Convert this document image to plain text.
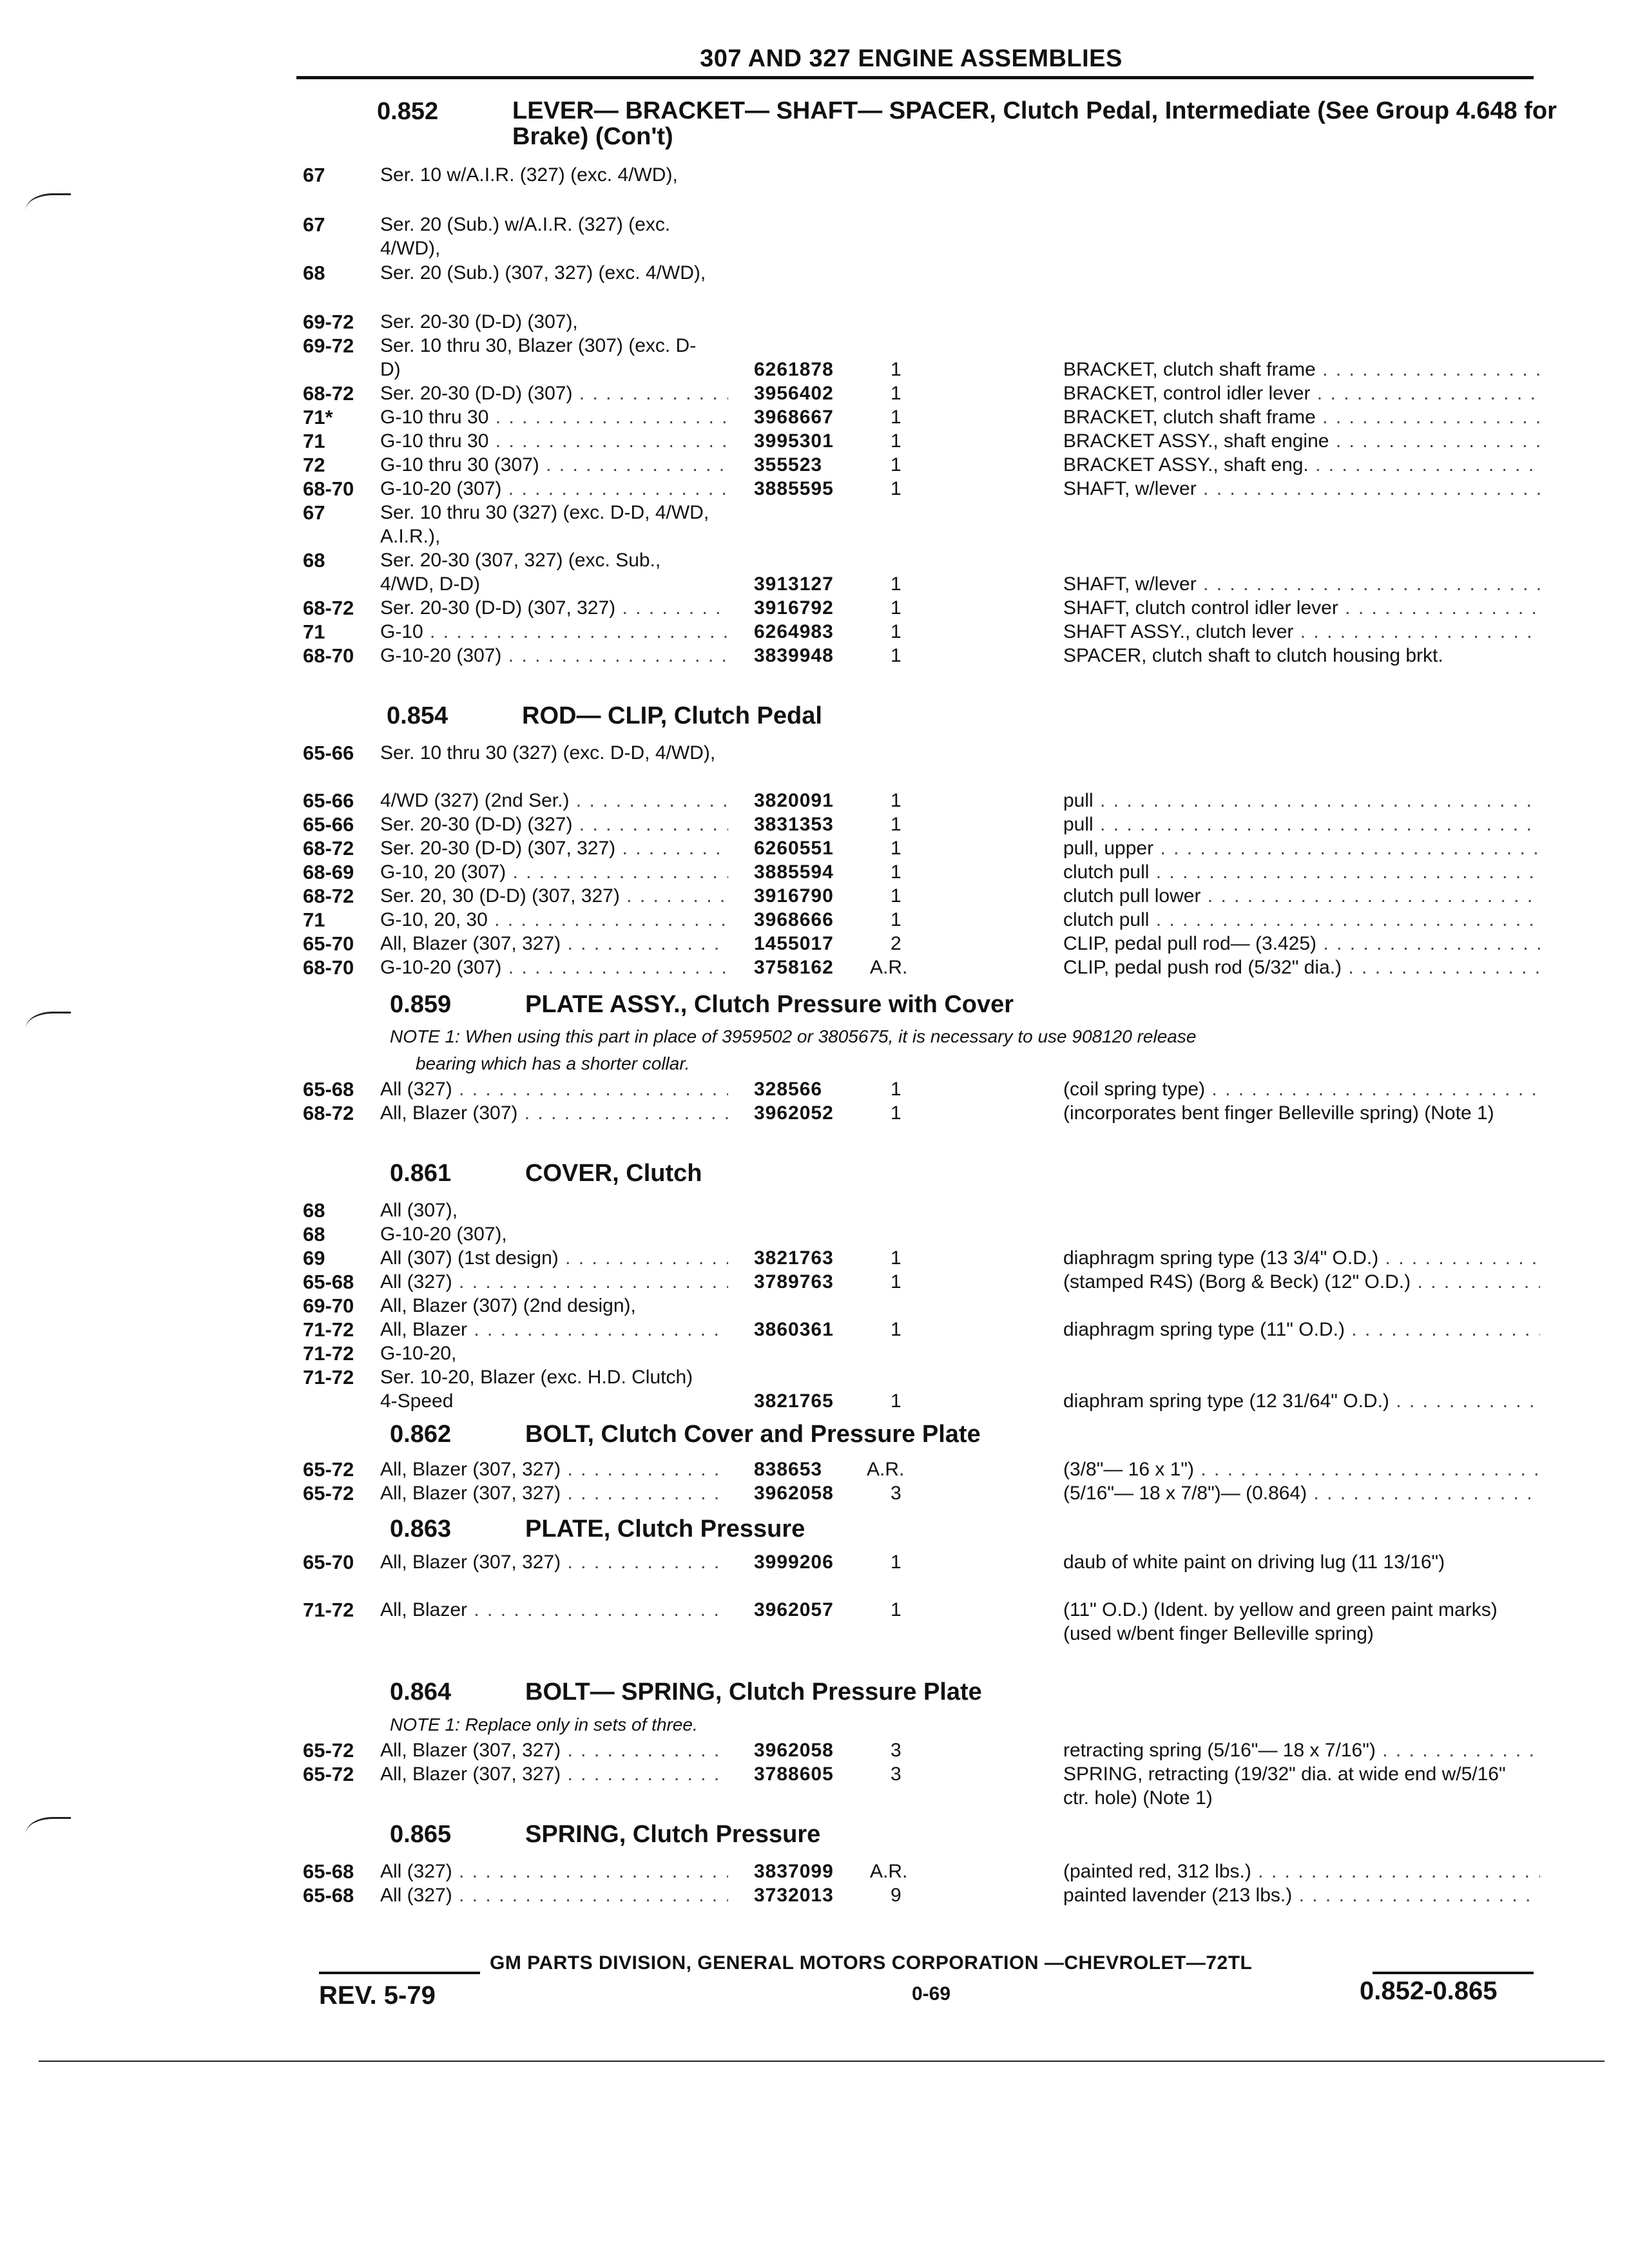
307 AND 327 ENGINE ASSEMBLIES
0.852	LEVER— BRACKET— SHAFT— SPACER, Clutch Pedal, Intermediate (See Group 4.648 for Brake) (Con't)
67	Ser. 10 w/A.I.R. (327) (exc. 4/WD),
67	Ser. 20 (Sub.) w/A.I.R. (327) (exc. 4/WD),
68	Ser. 20 (Sub.) (307, 327) (exc. 4/WD),
69-72	Ser. 20-30 (D-D) (307),
69-72	Ser. 10 thru 30, Blazer (307) (exc. D-D)	6261878	1	BRACKET, clutch shaft frame . . .
68-72	Ser. 20-30 (D-D) (307) . . .	3956402	1	BRACKET, control idler lever . . .
71*	G-10 thru 30 . . .	3968667	1	BRACKET, clutch shaft frame . . .
71	G-10 thru 30 . . .	3995301	1	BRACKET ASSY., shaft engine . . .
72	G-10 thru 30 (307) . . .	355523	1	BRACKET ASSY., shaft eng. . . .
68-70	G-10-20 (307) . . .	3885595	1	SHAFT, w/lever . . .
67	Ser. 10 thru 30 (327) (exc. D-D, 4/WD, A.I.R.),
68	Ser. 20-30 (307, 327) (exc. Sub., 4/WD, D-D)	3913127	1	SHAFT, w/lever . . .
68-72	Ser. 20-30 (D-D) (307, 327) . . .	3916792	1	SHAFT, clutch control idler lever . . .
71	G-10 . . .	6264983	1	SHAFT ASSY., clutch lever . . .
68-70	G-10-20 (307) . . .	3839948	1	SPACER, clutch shaft to clutch housing brkt.
0.854	ROD— CLIP, Clutch Pedal
65-66	Ser. 10 thru 30 (327) (exc. D-D, 4/WD),
65-66	4/WD (327) (2nd Ser.) . . .	3820091	1	pull . . .
65-66	Ser. 20-30 (D-D) (327) . . .	3831353	1	pull . . .
68-72	Ser. 20-30 (D-D) (307, 327) . . .	6260551	1	pull, upper . . .
68-69	G-10, 20 (307) . . .	3885594	1	clutch pull . . .
68-72	Ser. 20, 30 (D-D) (307, 327) . . .	3916790	1	clutch pull lower . . .
71	G-10, 20, 30 . . .	3968666	1	clutch pull . . .
65-70	All, Blazer (307, 327) . . .	1455017	2	CLIP, pedal pull rod— (3.425) . . .
68-70	G-10-20 (307) . . .	3758162	A.R.	CLIP, pedal push rod (5/32" dia.) . . .
0.859	PLATE ASSY., Clutch Pressure with Cover
NOTE 1: When using this part in place of 3959502 or 3805675, it is necessary to use 908120 release
bearing which has a shorter collar.
65-68	All (327) . . .	328566	1	(coil spring type) . . .
68-72	All, Blazer (307) . . .	3962052	1	(incorporates bent finger Belleville spring) (Note 1)
0.861	COVER, Clutch
68	All (307),
68	G-10-20 (307),
69	All (307) (1st design) . . .	3821763	1	diaphragm spring type (13 3/4" O.D.) . . .
65-68	All (327) . . .	3789763	1	(stamped R4S) (Borg & Beck) (12" O.D.) . . .
69-70	All, Blazer (307) (2nd design),
71-72	All, Blazer . . .	3860361	1	diaphragm spring type (11" O.D.) . . .
71-72	G-10-20,
71-72	Ser. 10-20, Blazer (exc. H.D. Clutch) 4-Speed	3821765	1	diaphram spring type (12 31/64" O.D.) . . .
0.862	BOLT, Clutch Cover and Pressure Plate
65-72	All, Blazer (307, 327) . . .	838653	A.R.	(3/8"— 16 x 1") . . .
65-72	All, Blazer (307, 327) . . .	3962058	3	(5/16"— 18 x 7/8")— (0.864) . . .
0.863	PLATE, Clutch Pressure
65-70	All, Blazer (307, 327) . . .	3999206	1	daub of white paint on driving lug (11 13/16")
71-72	All, Blazer . . .	3962057	1	(11" O.D.) (Ident. by yellow and green paint marks) (used w/bent finger Belleville spring)
0.864	BOLT— SPRING, Clutch Pressure Plate
NOTE 1: Replace only in sets of three.
65-72	All, Blazer (307, 327) . . .	3962058	3	retracting spring (5/16"— 18 x 7/16") . . .
65-72	All, Blazer (307, 327) . . .	3788605	3	SPRING, retracting (19/32" dia. at wide end w/5/16" ctr. hole) (Note 1)
0.865	SPRING, Clutch Pressure
65-68	All (327) . . .	3837099	A.R.	(painted red, 312 lbs.) . . .
65-68	All (327) . . .	3732013	9	painted lavender (213 lbs.) . . .
GM PARTS DIVISION, GENERAL MOTORS CORPORATION —CHEVROLET—72TL
REV. 5-79	0-69	0.852-0.865
